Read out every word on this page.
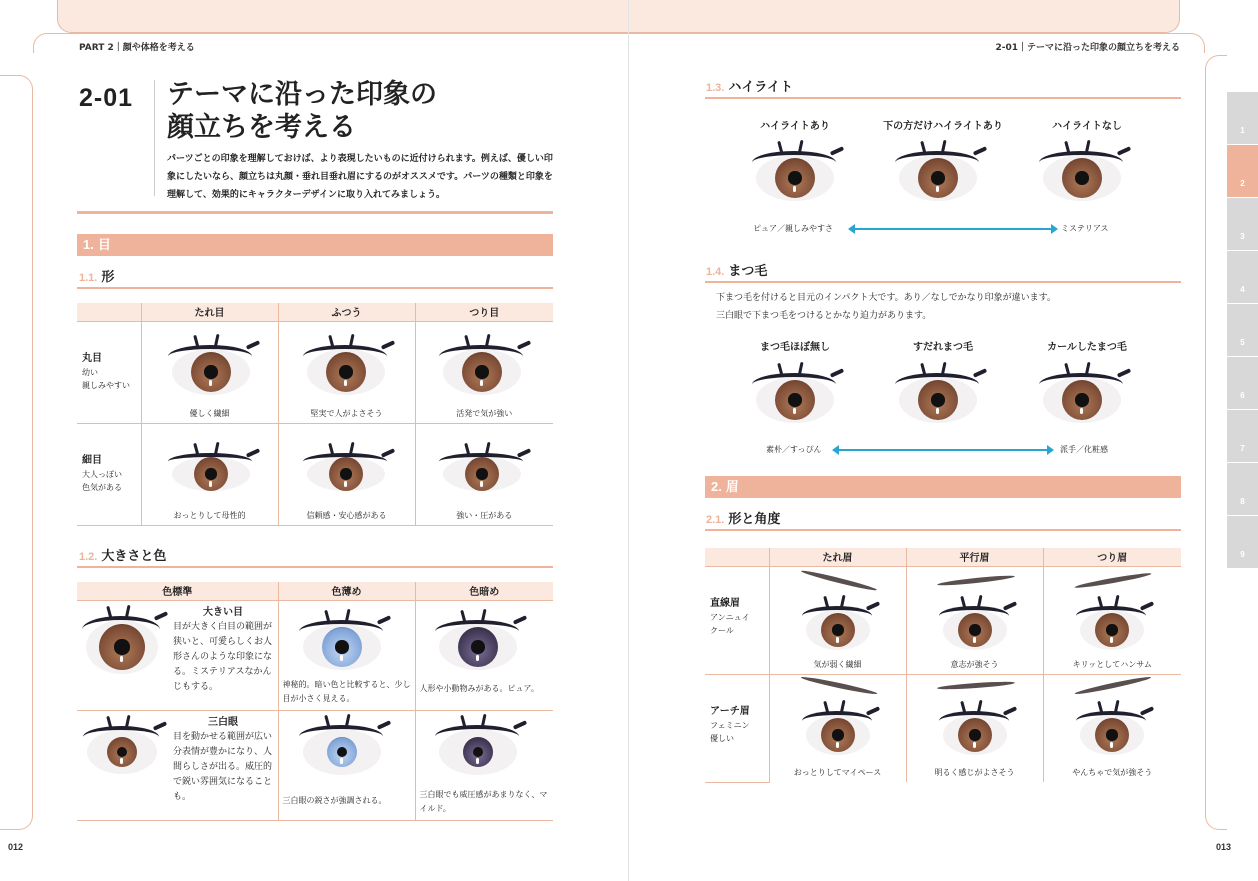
PART 2｜顔や体格を考える	2-01｜テーマに沿った印象の顔立ちを考える
012	013
1
2
3
4
5
6
7
8
9
2-01 テーマに沿った印象の
顔立ちを考える
パーツごとの印象を理解しておけば、より表現したいものに近付けられます。例えば、優しい印象にしたいなら、顔立ちは丸顔・垂れ目垂れ眉にするのがオススメです。パーツの種類と印象を理解して、効果的にキャラクターデザインに取り入れてみましょう。
1. 目
1.1. 形
	たれ目	ふつう	つり目
丸目
幼い
親しみやすい	優しく繊細	堅実で人がよさそう	活発で気が強い

細目
大人っぽい
色気がある	おっとりして母性的	信頼感・安心感がある	強い・圧がある
1.2. 大きさと色
色標準	色薄め	色暗め

大きい目
目が大きく白目の範囲が狭いと、可愛らしくお人形さんのような印象になる。ミステリアスなかんじもする。	神秘的。暗い色と比較すると、少し目が小さく見える。	人形や小動物みがある。ピュア。

三白眼
目を動かせる範囲が広い分表情が豊かになり、人間らしさが出る。威圧的で鋭い雰囲気になることも。	三白眼の鋭さが強調される。	三白眼でも威圧感があまりなく、マイルド。
1.3. ハイライト
ハイライトあり	下の方だけハイライトあり	ハイライトなし
ピュア／親しみやすさ	ミステリアス
1.4. まつ毛
下まつ毛を付けると目元のインパクト大です。あり／なしでかなり印象が違います。
三白眼で下まつ毛をつけるとかなり迫力があります。
まつ毛ほぼ無し	すだれまつ毛	カールしたまつ毛
素朴／すっぴん	派手／化粧感
2. 眉
2.1. 形と角度
	たれ眉	平行眉	つり眉
直線眉
アンニュイ
クール	気が弱く繊細	意志が強そう	キリッとしてハンサム

アーチ眉
フェミニン
優しい	おっとりしてマイペース	明るく感じがよさそう	やんちゃで気が強そう
